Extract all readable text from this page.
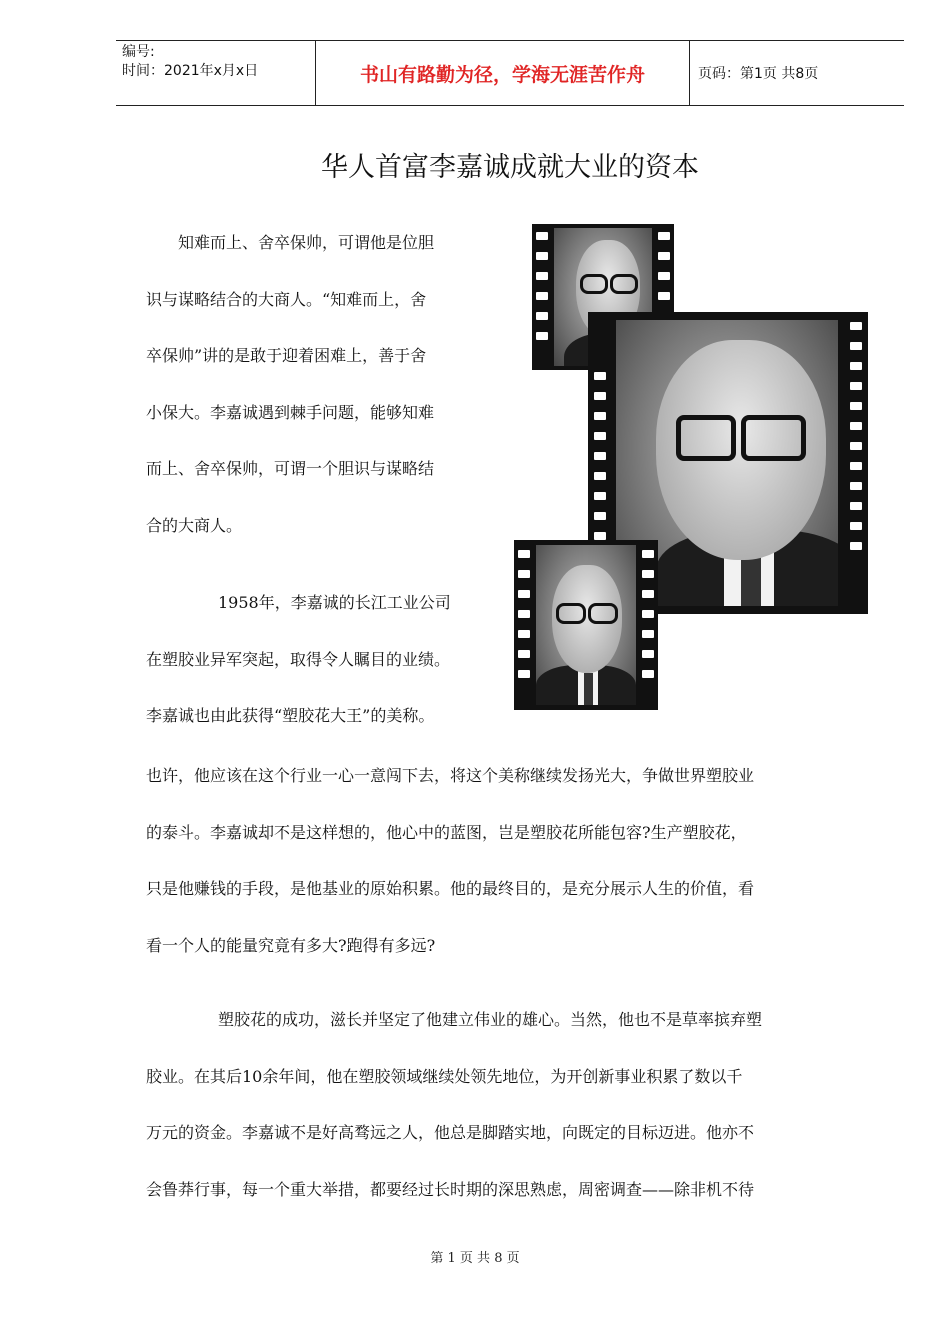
编号:
时间：2021年x月x日	书山有路勤为径，学海无涯苦作舟	页码：第1页 共8页
华人首富李嘉诚成就大业的资本
知难而上、舍卒保帅，可谓他是位胆
识与谋略结合的大商人。“知难而上，舍
卒保帅”讲的是敢于迎着困难上，善于舍
小保大。李嘉诚遇到棘手问题，能够知难
而上、舍卒保帅，可谓一个胆识与谋略结
合的大商人。
1958年，李嘉诚的长江工业公司
在塑胶业异军突起，取得令人瞩目的业绩。
李嘉诚也由此获得“塑胶花大王”的美称。
也许，他应该在这个行业一心一意闯下去，将这个美称继续发扬光大，争做世界塑胶业
的泰斗。李嘉诚却不是这样想的，他心中的蓝图，岂是塑胶花所能包容?生产塑胶花，
只是他赚钱的手段，是他基业的原始积累。他的最终目的，是充分展示人生的价值，看
看一个人的能量究竟有多大?跑得有多远?
塑胶花的成功，滋长并坚定了他建立伟业的雄心。当然，他也不是草率摈弃塑
胶业。在其后10余年间，他在塑胶领域继续处领先地位，为开创新事业积累了数以千
万元的资金。李嘉诚不是好高骛远之人，他总是脚踏实地，向既定的目标迈进。他亦不
会鲁莽行事，每一个重大举措，都要经过长时期的深思熟虑，周密调查——除非机不待
第 1 页 共 8 页
